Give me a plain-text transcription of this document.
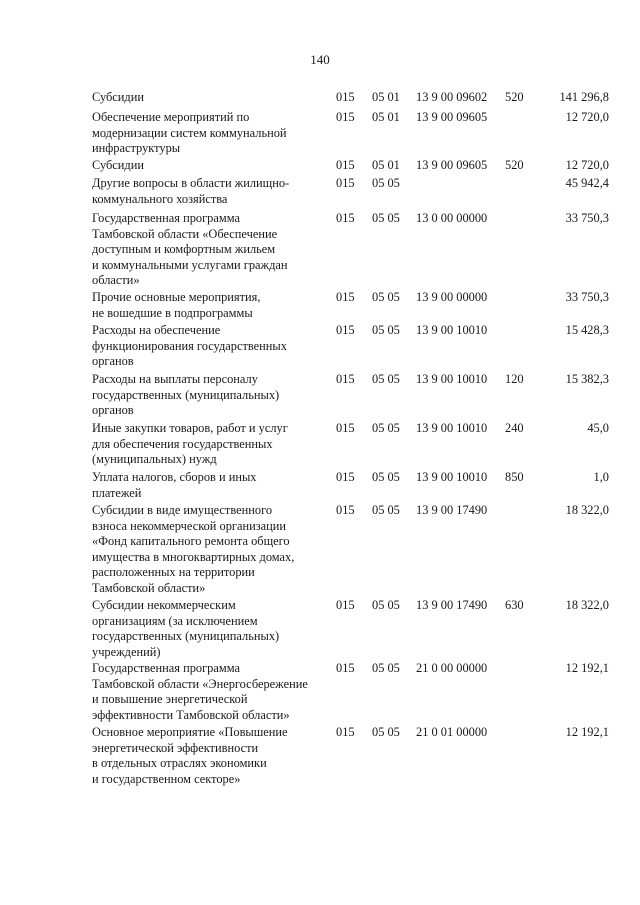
140
Субсидии	015 05 01 13 9 00 09602 520	141 296,8
Обеспечение мероприятий по
модернизации систем коммунальной
инфраструктуры
015 05 01 13 9 00 09605	12 720,0
Субсидии	015 05 01 13 9 00 09605 520	12 720,0
Другие вопросы в области жилищно-
коммунального хозяйства
015 05 05	45 942,4
Государственная программа
Тамбовской области «Обеспечение
доступным и комфортным жильем
и коммунальными услугами граждан
области»
015 05 05 13 0 00 00000	33 750,3
Прочие основные мероприятия,
не вошедшие в подпрограммы
015 05 05 13 9 00 00000	33 750,3
Расходы на обеспечение
функционирования государственных
органов
015 05 05 13 9 00 10010	15 428,3
Расходы на выплаты персоналу
государственных (муниципальных)
органов
015 05 05 13 9 00 10010 120	15 382,3
Иные закупки товаров, работ и услуг
для обеспечения государственных
(муниципальных) нужд
015 05 05 13 9 00 10010 240	45,0
Уплата налогов, сборов и иных
платежей
015 05 05 13 9 00 10010 850	1,0
Субсидии в виде имущественного
взноса некоммерческой организации
«Фонд капитального ремонта общего
имущества в многоквартирных домах,
расположенных на территории
Тамбовской области»
015 05 05 13 9 00 17490	18 322,0
Субсидии некоммерческим
организациям (за исключением
государственных (муниципальных)
учреждений)
015 05 05 13 9 00 17490 630	18 322,0
Государственная программа
Тамбовской области «Энергосбережение
и повышение энергетической
эффективности Тамбовской области»
015 05 05 21 0 00 00000	12 192,1
Основное мероприятие «Повышение
энергетической эффективности
в отдельных отраслях экономики
и государственном секторе»
015 05 05 21 0 01 00000	12 192,1
